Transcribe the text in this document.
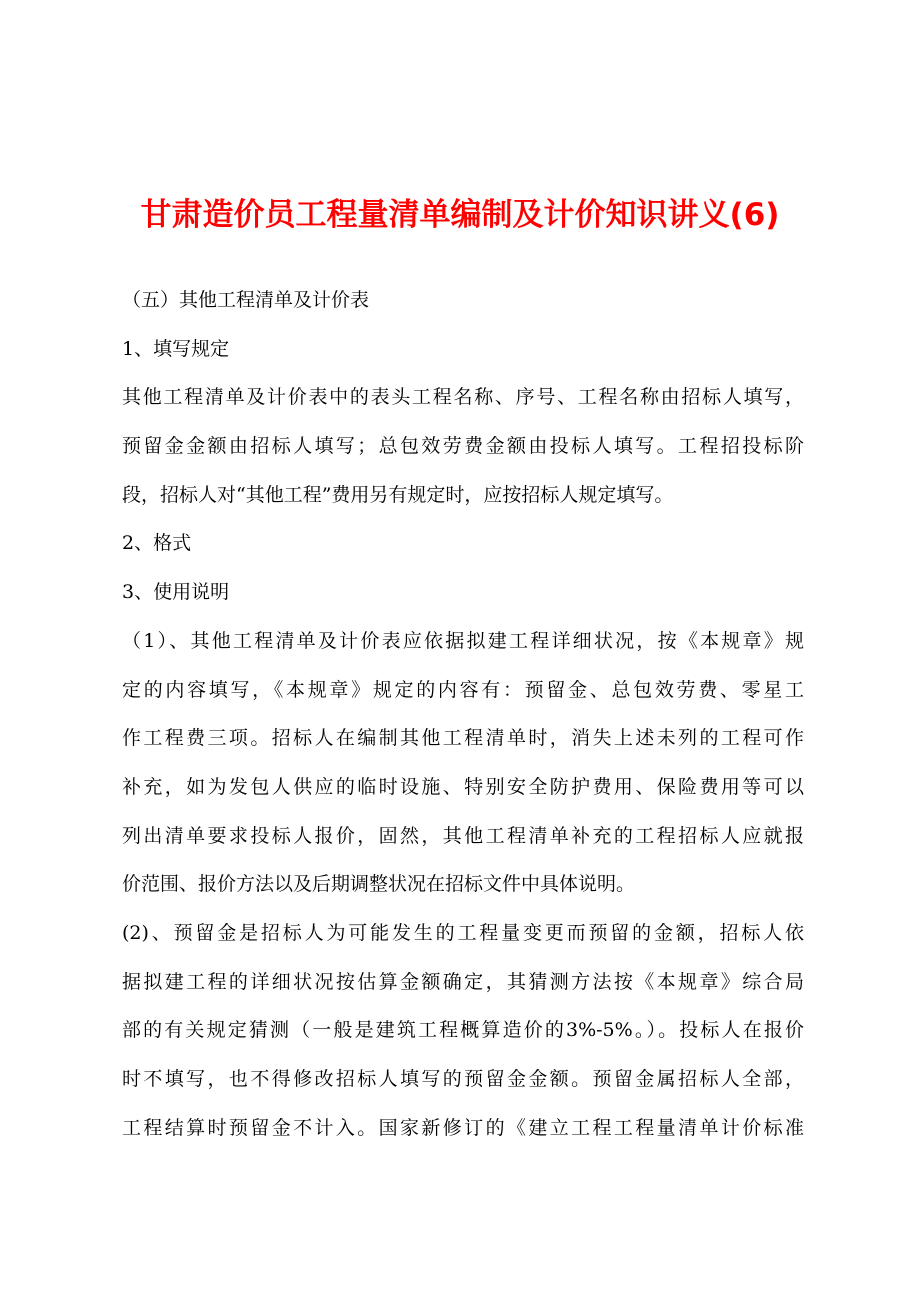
甘肃造价员工程量清单编制及计价知识讲义(6)
（五）其他工程清单及计价表
1、填写规定
其他工程清单及计价表中的表头工程名称、序号、工程名称由招标人填写，
预留金金额由招标人填写；总包效劳费金额由投标人填写。工程招投标阶
段，招标人对“其他工程”费用另有规定时，应按招标人规定填写。
2、格式
3、使用说明
（1）、其他工程清单及计价表应依据拟建工程详细状况，按《本规章》规
定的内容填写，《本规章》规定的内容有：预留金、总包效劳费、零星工
作工程费三项。招标人在编制其他工程清单时，消失上述未列的工程可作
补充，如为发包人供应的临时设施、特别安全防护费用、保险费用等可以
列出清单要求投标人报价，固然，其他工程清单补充的工程招标人应就报
价范围、报价方法以及后期调整状况在招标文件中具体说明。
(2)、预留金是招标人为可能发生的工程量变更而预留的金额，招标人依
据拟建工程的详细状况按估算金额确定，其猜测方法按《本规章》综合局
部的有关规定猜测（一般是建筑工程概算造价的3%-5%。）。投标人在报价
时不填写，也不得修改招标人填写的预留金金额。预留金属招标人全部，
工程结算时预留金不计入。国家新修订的《建立工程工程量清单计价标准
